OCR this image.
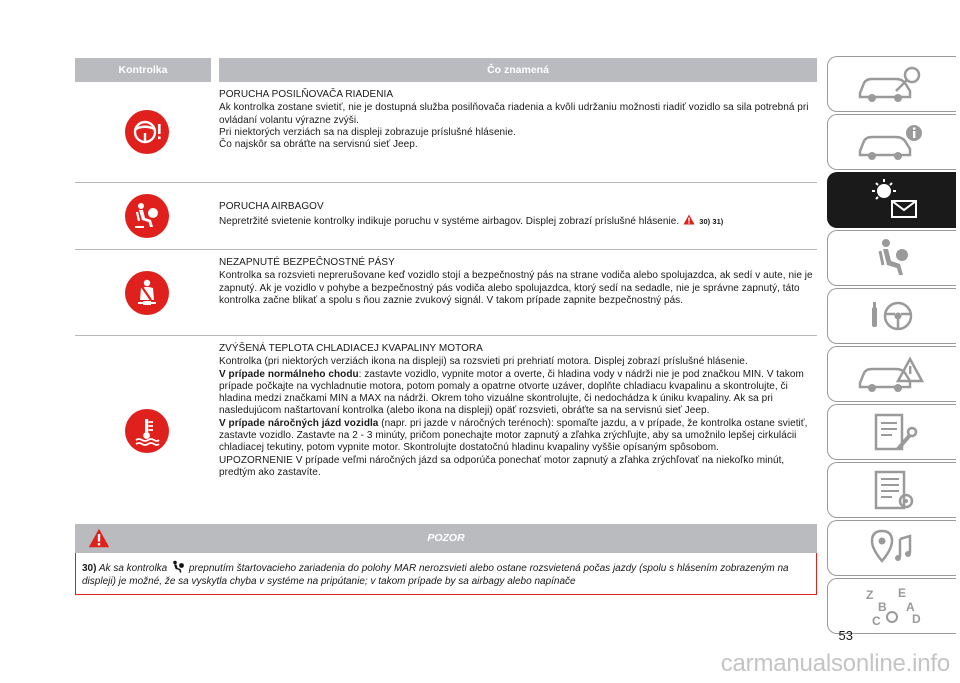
Kontrolka	Čo znamená

PORUCHA POSILŇOVAČA RIADENIA

Ak kontrolka zostane svietiť, nie je dostupná služba posilňovača riadenia a kvôli udržaniu možnosti riadiť vozidlo sa sila potrebná pri ovládaní volantu výrazne zvýši.

Pri niektorých verziách sa na displeji zobrazuje príslušné hlásenie.

Čo najskôr sa obráťte na servisnú sieť Jeep.

PORUCHA AIRBAGOV

Nepretržité svietenie kontrolky indikuje poruchu v systéme airbagov. Displej zobrazí príslušné hlásenie.	30) 31)

NEZAPNUTÉ BEZPEČNOSTNÉ PÁSY

Kontrolka sa rozsvieti neprerušovane keď vozidlo stojí a bezpečnostný pás na strane vodiča alebo spolujazdca, ak sedí v aute, nie je zapnutý. Ak je vozidlo v pohybe a bezpečnostný pás vodiča alebo spolujazdca, ktorý sedí na sedadle, nie je správne zapnutý, táto kontrolka začne blikať a spolu s ňou zaznie zvukový signál. V takom prípade zapnite bezpečnostný pás.

ZVÝŠENÁ TEPLOTA CHLADIACEJ KVAPALINY MOTORA

Kontrolka (pri niektorých verziách ikona na displeji) sa rozsvieti pri prehriatí motora. Displej zobrazí príslušné hlásenie.

V prípade normálneho chodu: zastavte vozidlo, vypnite motor a overte, či hladina vody v nádrži nie je pod značkou MIN. V takom prípade počkajte na vychladnutie motora, potom pomaly a opatrne otvorte uzáver, doplňte chladiacu kvapalinu a skontrolujte, či hladina medzi značkami MIN a MAX na nádrži. Okrem toho vizuálne skontrolujte, či nedochádza k úniku kvapaliny. Ak sa pri nasledujúcom naštartovaní kontrolka (alebo ikona na displeji) opäť rozsvieti, obráťte sa na servisnú sieť Jeep.

V prípade náročných jázd vozidla (napr. pri jazde v náročných terénoch): spomaľte jazdu, a v prípade, že kontrolka ostane svietiť, zastavte vozidlo. Zastavte na 2 - 3 minúty, pričom ponechajte motor zapnutý a zľahka zrýchľujte, aby sa umožnilo lepšej cirkulácii chladiacej tekutiny, potom vypnite motor. Skontrolujte dostatočnú hladinu kvapaliny vyššie opísaným spôsobom.

UPOZORNENIE V prípade veľmi náročných jázd sa odporúča ponechať motor zapnutý a zľahka zrýchľovať na niekoľko minút, predtým ako zastavíte.

POZOR
30) Ak sa kontrolka prepnutím štartovacieho zariadenia do polohy MAR nerozsvieti alebo ostane rozsvietená počas jazdy (spolu s hlásením zobrazeným na displeji) je možné, že sa vyskytla chyba v systéme na pripútanie; v takom prípade by sa airbagy alebo napínače
Z E
B A
C	D
53
carmanualsonline.info
